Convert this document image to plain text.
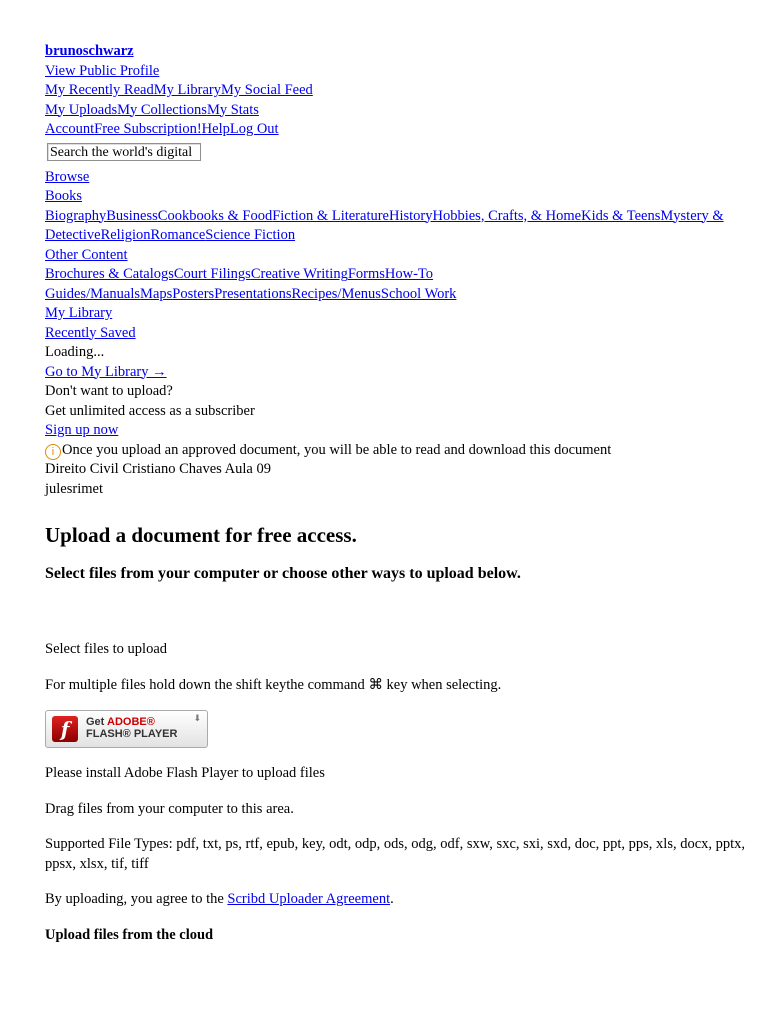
brunoschwarz
View Public Profile
My Recently ReadMy LibraryMy Social Feed
My UploadsMy CollectionsMy Stats
AccountFree Subscription!HelpLog Out
Search the world's digital
Browse
Books
BiographyBusinessCookbooks & FoodFiction & LiteratureHistoryHobbies, Crafts, & HomeKids & TeensMystery & DetectiveReligionRomanceScience Fiction
Other Content
Brochures & CatalogsCourt FilingsCreative WritingFormsHow-To Guides/ManualsMapsPostersPresentationsRecipes/MenusSchool Work
My Library
Recently Saved
Loading...
Go to My Library →
Don't want to upload?
Get unlimited access as a subscriber
Sign up now
i Once you upload an approved document, you will be able to read and download this document
Direito Civil Cristiano Chaves Aula 09
julesrimet
Upload a document for free access.
Select files from your computer or choose other ways to upload below.

Select files to upload

For multiple files hold down the shift keythe command ⌘ key when selecting.

f	Get ADOBE®
FLASH® PLAYER
⬇

Please install Adobe Flash Player to upload files

Drag files from your computer to this area.

Supported File Types: pdf, txt, ps, rtf, epub, key, odt, odp, ods, odg, odf, sxw, sxc, sxi, sxd, doc, ppt, pps, xls, docx, pptx, ppsx, xlsx, tif, tiff

By uploading, you agree to the Scribd Uploader Agreement.

Upload files from the cloud
